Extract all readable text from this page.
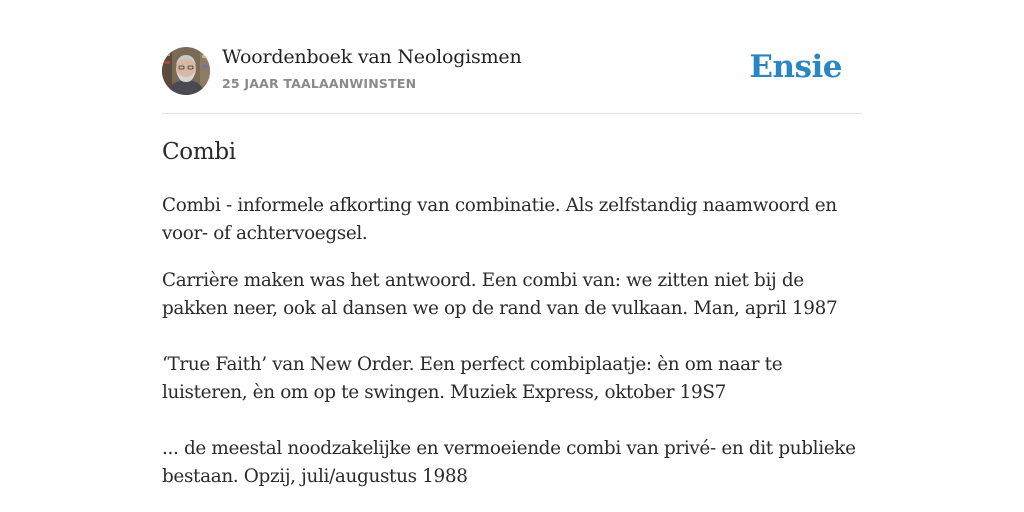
Woordenboek van Neologismen
25 JAAR TAALAANWINSTEN	Ensie
Combi

Combi - informele afkorting van combinatie. Als zelfstandig naamwoord en voor- of achtervoegsel.

Carrière maken was het antwoord. Een combi van: we zitten niet bij de pakken neer, ook al dansen we op de rand van de vulkaan. Man, april 1987

‘True Faith’ van New Order. Een perfect combiplaatje: èn om naar te luisteren, èn om op te swingen. Muziek Express, oktober 19S7

... de meestal noodzakelijke en vermoeiende combi van privé- en dit publieke bestaan. Opzij, juli/augustus 1988
